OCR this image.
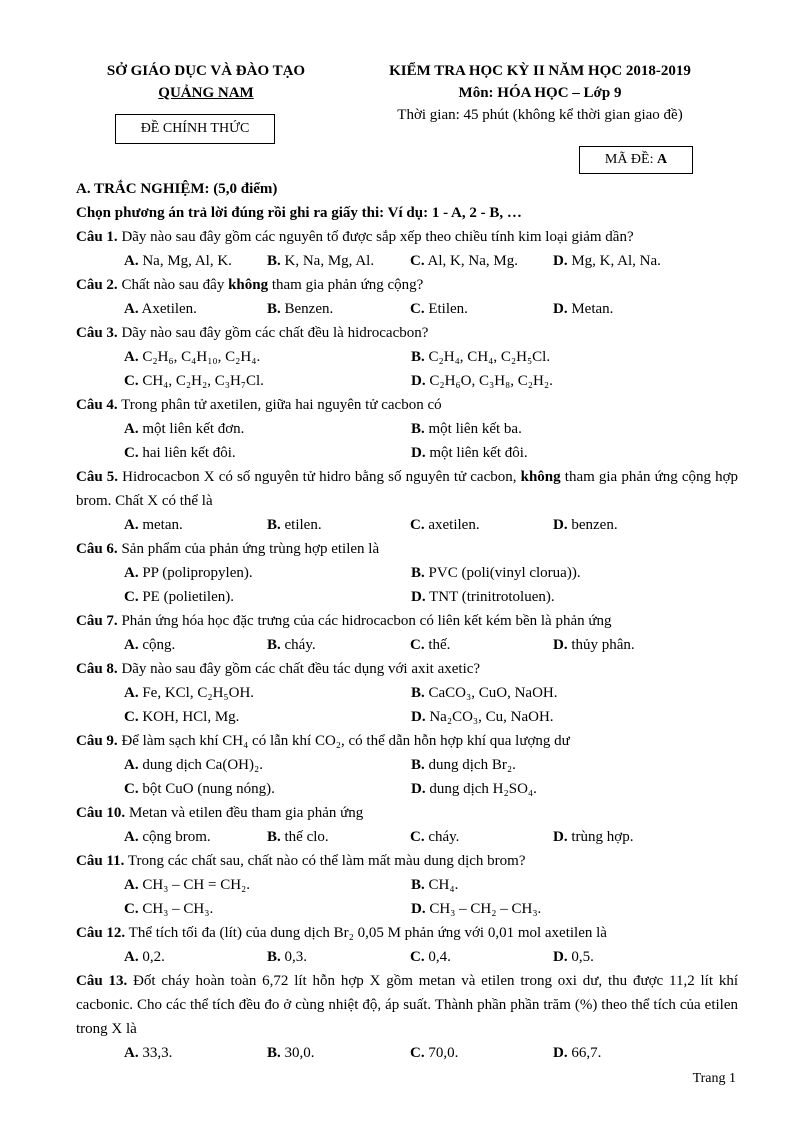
SỞ GIÁO DỤC VÀ ĐÀO TẠO
QUẢNG NAM
ĐỀ CHÍNH THỨC
KIỂM TRA HỌC KỲ II NĂM HỌC 2018-2019
Môn: HÓA HỌC – Lớp 9
Thời gian: 45 phút (không kể thời gian giao đề)
MÃ ĐỀ: A
A. TRẮC NGHIỆM: (5,0 điểm)
Chọn phương án trả lời đúng rồi ghi ra giấy thi: Ví dụ: 1 - A, 2 - B, …
Câu 1. Dãy nào sau đây gồm các nguyên tố được sắp xếp theo chiều tính kim loại giảm dần?
A. Na, Mg, Al, K.	B. K, Na, Mg, Al.	C. Al, K, Na, Mg.	D. Mg, K, Al, Na.
Câu 2. Chất nào sau đây không tham gia phản ứng cộng?
A. Axetilen.	B. Benzen.	C. Etilen.	D. Metan.
Câu 3. Dãy nào sau đây gồm các chất đều là hidrocacbon?
A. C₂H₆, C₄H₁₀, C₂H₄.	B. C₂H₄, CH₄, C₂H₅Cl.
C. CH₄, C₂H₂, C₃H₇Cl.	D. C₂H₆O, C₃H₈, C₂H₂.
Câu 4. Trong phân tử axetilen, giữa hai nguyên tử cacbon có
A. một liên kết đơn.	B. một liên kết ba.
C. hai liên kết đôi.	D. một liên kết đôi.
Câu 5. Hidrocacbon X có số nguyên tử hidro bằng số nguyên tử cacbon, không tham gia phản ứng cộng hợp brom. Chất X có thể là
A. metan.	B. etilen.	C. axetilen.	D. benzen.
Câu 6. Sản phẩm của phản ứng trùng hợp etilen là
A. PP (polipropylen).	B. PVC (poli(vinyl clorua)).
C. PE (polietilen).	D. TNT (trinitrotoluen).
Câu 7. Phản ứng hóa học đặc trưng của các hidrocacbon có liên kết kém bền là phản ứng
A. cộng.	B. cháy.	C. thế.	D. thủy phân.
Câu 8. Dãy nào sau đây gồm các chất đều tác dụng với axit axetic?
A. Fe, KCl, C₂H₅OH.	B. CaCO₃, CuO, NaOH.
C. KOH, HCl, Mg.	D. Na₂CO₃, Cu, NaOH.
Câu 9. Để làm sạch khí CH₄ có lẫn khí CO₂, có thể dẫn hỗn hợp khí qua lượng dư
A. dung dịch Ca(OH)₂.	B. dung dịch Br₂.
C. bột CuO (nung nóng).	D. dung dịch H₂SO₄.
Câu 10. Metan và etilen đều tham gia phản ứng
A. cộng brom.	B. thế clo.	C. cháy.	D. trùng hợp.
Câu 11. Trong các chất sau, chất nào có thể làm mất màu dung dịch brom?
A. CH₃ – CH = CH₂.	B. CH₄.
C. CH₃ – CH₃.	D. CH₃ – CH₂ – CH₃.
Câu 12. Thể tích tối đa (lít) của dung dịch Br₂ 0,05 M phản ứng với 0,01 mol axetilen là
A. 0,2.	B. 0,3.	C. 0,4.	D. 0,5.
Câu 13. Đốt cháy hoàn toàn 6,72 lít hỗn hợp X gồm metan và etilen trong oxi dư, thu được 11,2 lít khí cacbonic. Cho các thể tích đều đo ở cùng nhiệt độ, áp suất. Thành phần phần trăm (%) theo thể tích của etilen trong X là
A. 33,3.	B. 30,0.	C. 70,0.	D. 66,7.
Trang 1
